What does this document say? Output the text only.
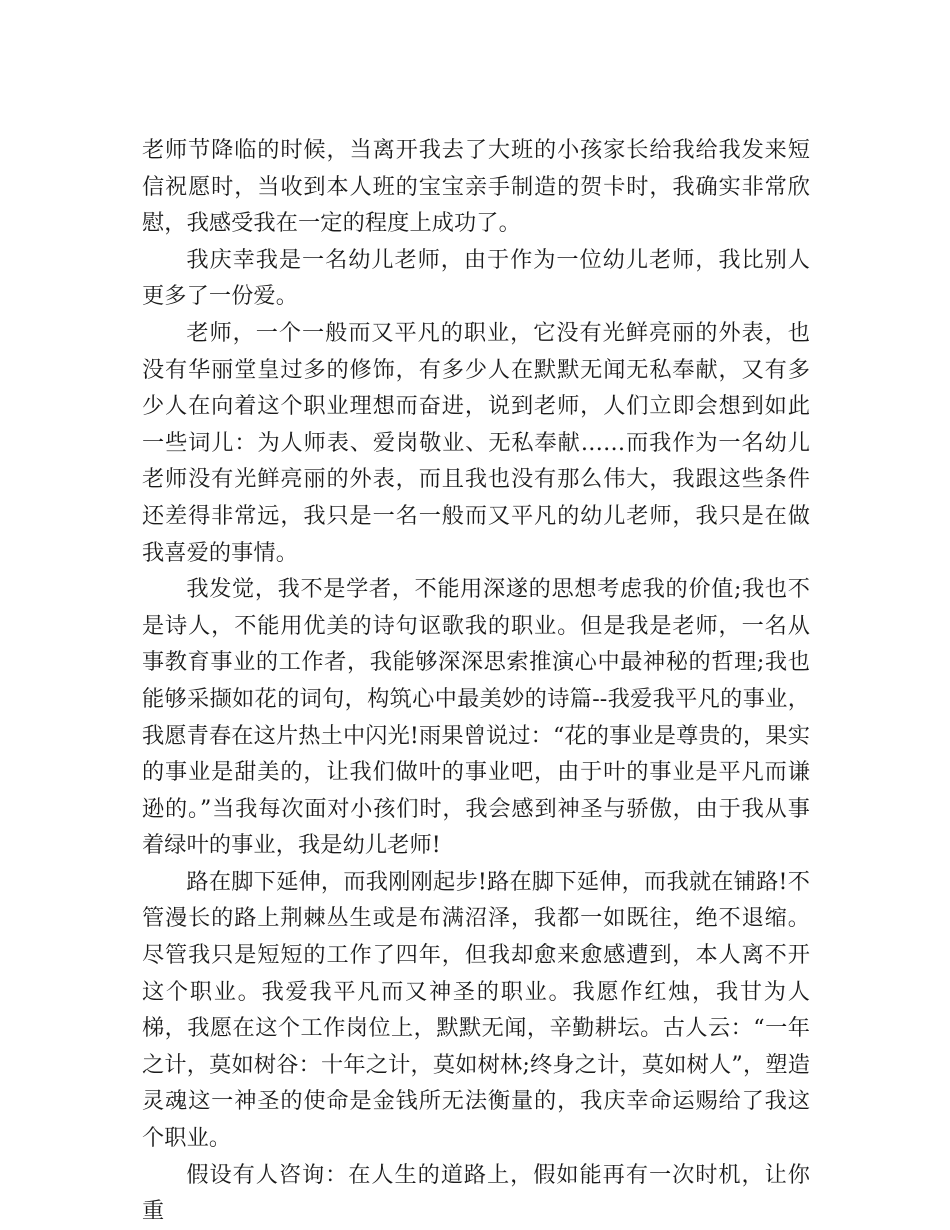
老师节降临的时候，当离开我去了大班的小孩家长给我给我发来短信祝愿时，当收到本人班的宝宝亲手制造的贺卡时，我确实非常欣慰，我感受我在一定的程度上成功了。

我庆幸我是一名幼儿老师，由于作为一位幼儿老师，我比别人更多了一份爱。

老师，一个一般而又平凡的职业，它没有光鲜亮丽的外表，也没有华丽堂皇过多的修饰，有多少人在默默无闻无私奉献，又有多少人在向着这个职业理想而奋进，说到老师，人们立即会想到如此一些词儿：为人师表、爱岗敬业、无私奉献……而我作为一名幼儿老师没有光鲜亮丽的外表，而且我也没有那么伟大，我跟这些条件还差得非常远，我只是一名一般而又平凡的幼儿老师，我只是在做我喜爱的事情。

我发觉，我不是学者，不能用深遂的思想考虑我的价值;我也不是诗人，不能用优美的诗句讴歌我的职业。但是我是老师，一名从事教育事业的工作者，我能够深深思索推演心中最神秘的哲理;我也能够采撷如花的词句，构筑心中最美妙的诗篇--我爱我平凡的事业，我愿青春在这片热土中闪光!雨果曾说过：“花的事业是尊贵的，果实的事业是甜美的，让我们做叶的事业吧，由于叶的事业是平凡而谦逊的。”当我每次面对小孩们时，我会感到神圣与骄傲，由于我从事着绿叶的事业，我是幼儿老师!

路在脚下延伸，而我刚刚起步!路在脚下延伸，而我就在铺路!不管漫长的路上荆棘丛生或是布满沼泽，我都一如既往，绝不退缩。尽管我只是短短的工作了四年，但我却愈来愈感遭到，本人离不开这个职业。我爱我平凡而又神圣的职业。我愿作红烛，我甘为人梯，我愿在这个工作岗位上，默默无闻，辛勤耕坛。古人云：“一年之计，莫如树谷：十年之计，莫如树林;终身之计，莫如树人”，塑造灵魂这一神圣的使命是金钱所无法衡量的，我庆幸命运赐给了我这个职业。

假设有人咨询：在人生的道路上，假如能再有一次时机，让你重
